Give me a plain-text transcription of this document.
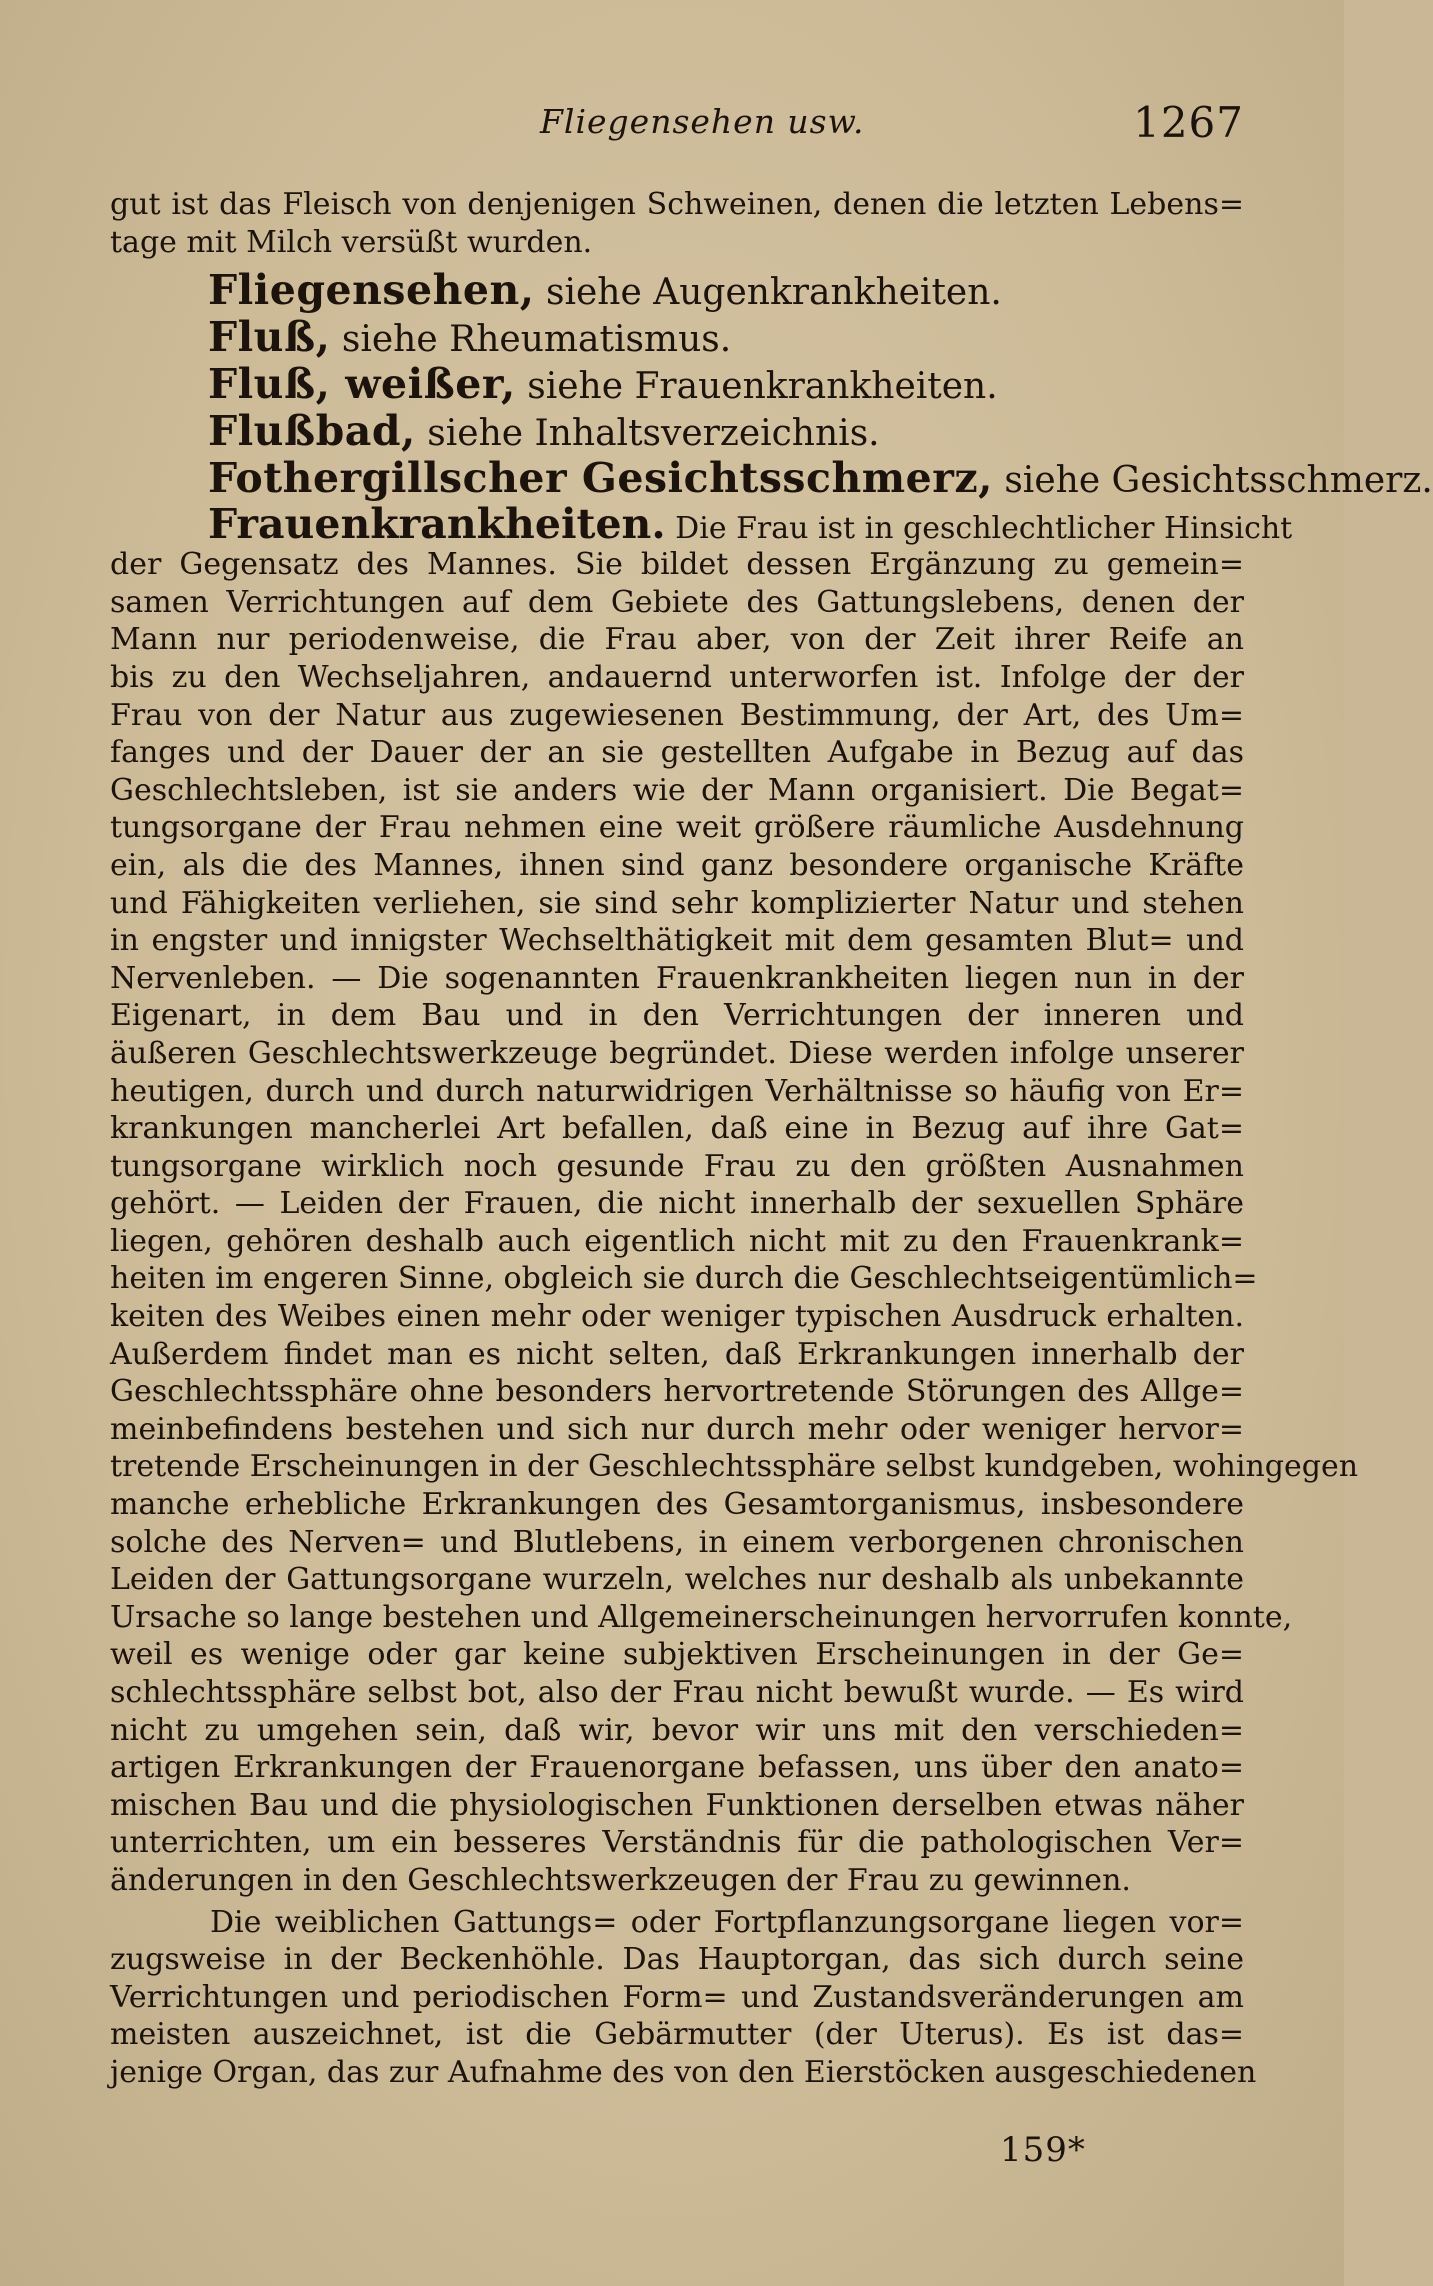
Fliegensehen usw.	1267
gut ist das Fleisch von denjenigen Schweinen, denen die letzten Lebens=
tage mit Milch versüßt wurden.
Fliegensehen, siehe Augenkrankheiten.
Fluß, siehe Rheumatismus.
Fluß, weißer, siehe Frauenkrankheiten.
Flußbad, siehe Inhaltsverzeichnis.
Fothergillscher Gesichtsschmerz, siehe Gesichtsschmerz.
Frauenkrankheiten. Die Frau ist in geschlechtlicher Hinsicht
der Gegensatz des Mannes. Sie bildet dessen Ergänzung zu gemein=
samen Verrichtungen auf dem Gebiete des Gattungslebens, denen der
Mann nur periodenweise, die Frau aber, von der Zeit ihrer Reife an
bis zu den Wechseljahren, andauernd unterworfen ist. Infolge der der
Frau von der Natur aus zugewiesenen Bestimmung, der Art, des Um=
fanges und der Dauer der an sie gestellten Aufgabe in Bezug auf das
Geschlechtsleben, ist sie anders wie der Mann organisiert. Die Begat=
tungsorgane der Frau nehmen eine weit größere räumliche Ausdehnung
ein, als die des Mannes, ihnen sind ganz besondere organische Kräfte
und Fähigkeiten verliehen, sie sind sehr komplizierter Natur und stehen
in engster und innigster Wechselthätigkeit mit dem gesamten Blut= und
Nervenleben. — Die sogenannten Frauenkrankheiten liegen nun in der
Eigenart, in dem Bau und in den Verrichtungen der inneren und
äußeren Geschlechtswerkzeuge begründet. Diese werden infolge unserer
heutigen, durch und durch naturwidrigen Verhältnisse so häufig von Er=
krankungen mancherlei Art befallen, daß eine in Bezug auf ihre Gat=
tungsorgane wirklich noch gesunde Frau zu den größten Ausnahmen
gehört. — Leiden der Frauen, die nicht innerhalb der sexuellen Sphäre
liegen, gehören deshalb auch eigentlich nicht mit zu den Frauenkrank=
heiten im engeren Sinne, obgleich sie durch die Geschlechtseigentümlich=
keiten des Weibes einen mehr oder weniger typischen Ausdruck erhalten.
Außerdem findet man es nicht selten, daß Erkrankungen innerhalb der
Geschlechtssphäre ohne besonders hervortretende Störungen des Allge=
meinbefindens bestehen und sich nur durch mehr oder weniger hervor=
tretende Erscheinungen in der Geschlechtssphäre selbst kundgeben, wohingegen
manche erhebliche Erkrankungen des Gesamtorganismus, insbesondere
solche des Nerven= und Blutlebens, in einem verborgenen chronischen
Leiden der Gattungsorgane wurzeln, welches nur deshalb als unbekannte
Ursache so lange bestehen und Allgemeinerscheinungen hervorrufen konnte,
weil es wenige oder gar keine subjektiven Erscheinungen in der Ge=
schlechtssphäre selbst bot, also der Frau nicht bewußt wurde. — Es wird
nicht zu umgehen sein, daß wir, bevor wir uns mit den verschieden=
artigen Erkrankungen der Frauenorgane befassen, uns über den anato=
mischen Bau und die physiologischen Funktionen derselben etwas näher
unterrichten, um ein besseres Verständnis für die pathologischen Ver=
änderungen in den Geschlechtswerkzeugen der Frau zu gewinnen.
Die weiblichen Gattungs= oder Fortpflanzungsorgane liegen vor=
zugsweise in der Beckenhöhle. Das Hauptorgan, das sich durch seine
Verrichtungen und periodischen Form= und Zustandsveränderungen am
meisten auszeichnet, ist die Gebärmutter (der Uterus). Es ist das=
jenige Organ, das zur Aufnahme des von den Eierstöcken ausgeschiedenen
159*
